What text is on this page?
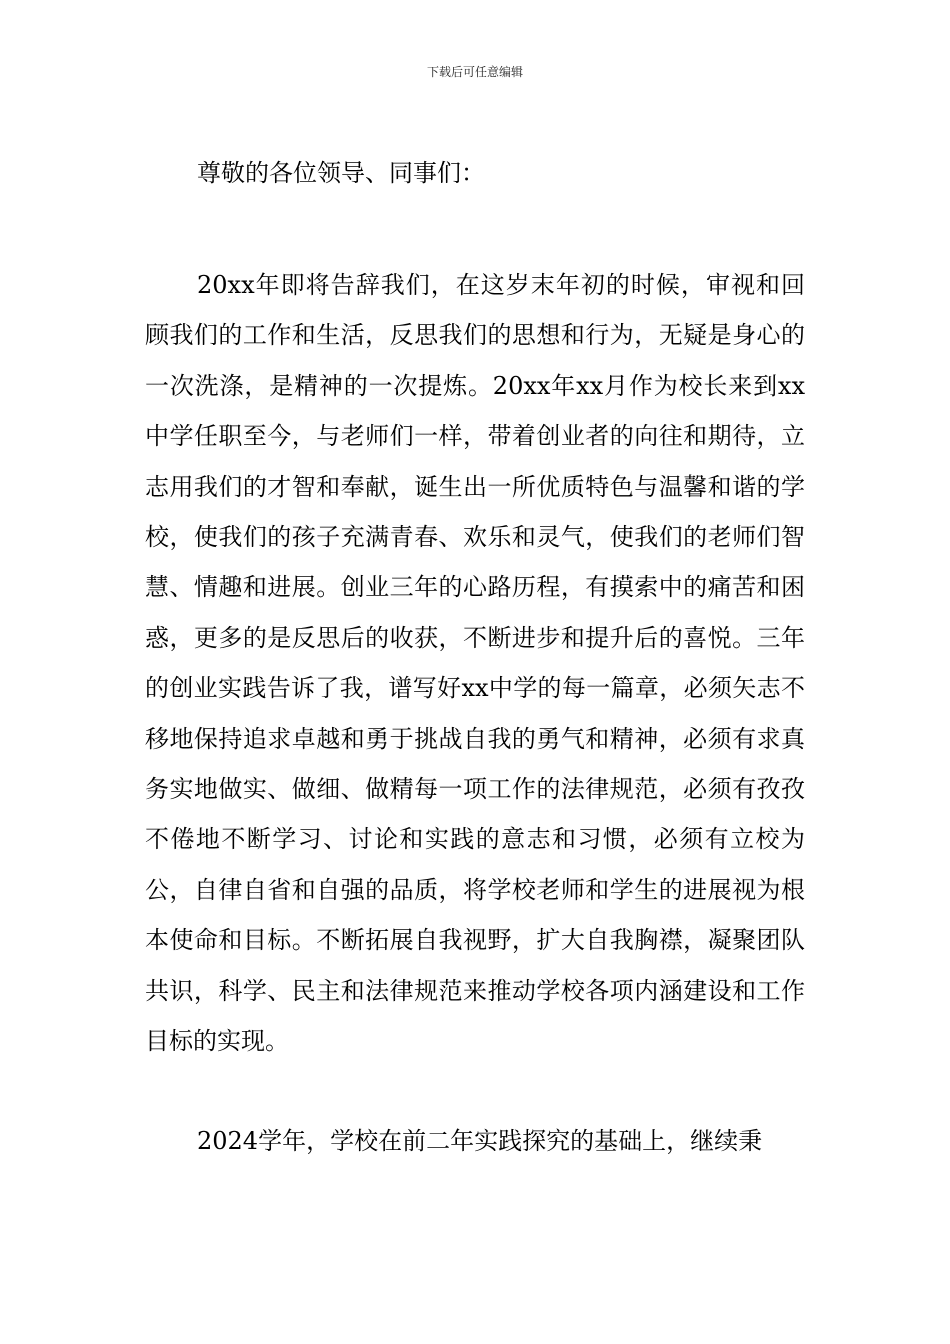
下载后可任意编辑

尊敬的各位领导、同事们：

20xx年即将告辞我们，在这岁末年初的时候，审视和回顾我们的工作和生活，反思我们的思想和行为，无疑是身心的一次洗涤，是精神的一次提炼。20xx年xx月作为校长来到xx中学任职至今，与老师们一样，带着创业者的向往和期待，立志用我们的才智和奉献，诞生出一所优质特色与温馨和谐的学校，使我们的孩子充满青春、欢乐和灵气，使我们的老师们智慧、情趣和进展。创业三年的心路历程，有摸索中的痛苦和困惑，更多的是反思后的收获，不断进步和提升后的喜悦。三年的创业实践告诉了我，谱写好xx中学的每一篇章，必须矢志不移地保持追求卓越和勇于挑战自我的勇气和精神，必须有求真务实地做实、做细、做精每一项工作的法律规范，必须有孜孜不倦地不断学习、讨论和实践的意志和习惯，必须有立校为公，自律自省和自强的品质，将学校老师和学生的进展视为根本使命和目标。不断拓展自我视野，扩大自我胸襟，凝聚团队共识，科学、民主和法律规范来推动学校各项内涵建设和工作目标的实现。

2024学年，学校在前二年实践探究的基础上，继续秉
